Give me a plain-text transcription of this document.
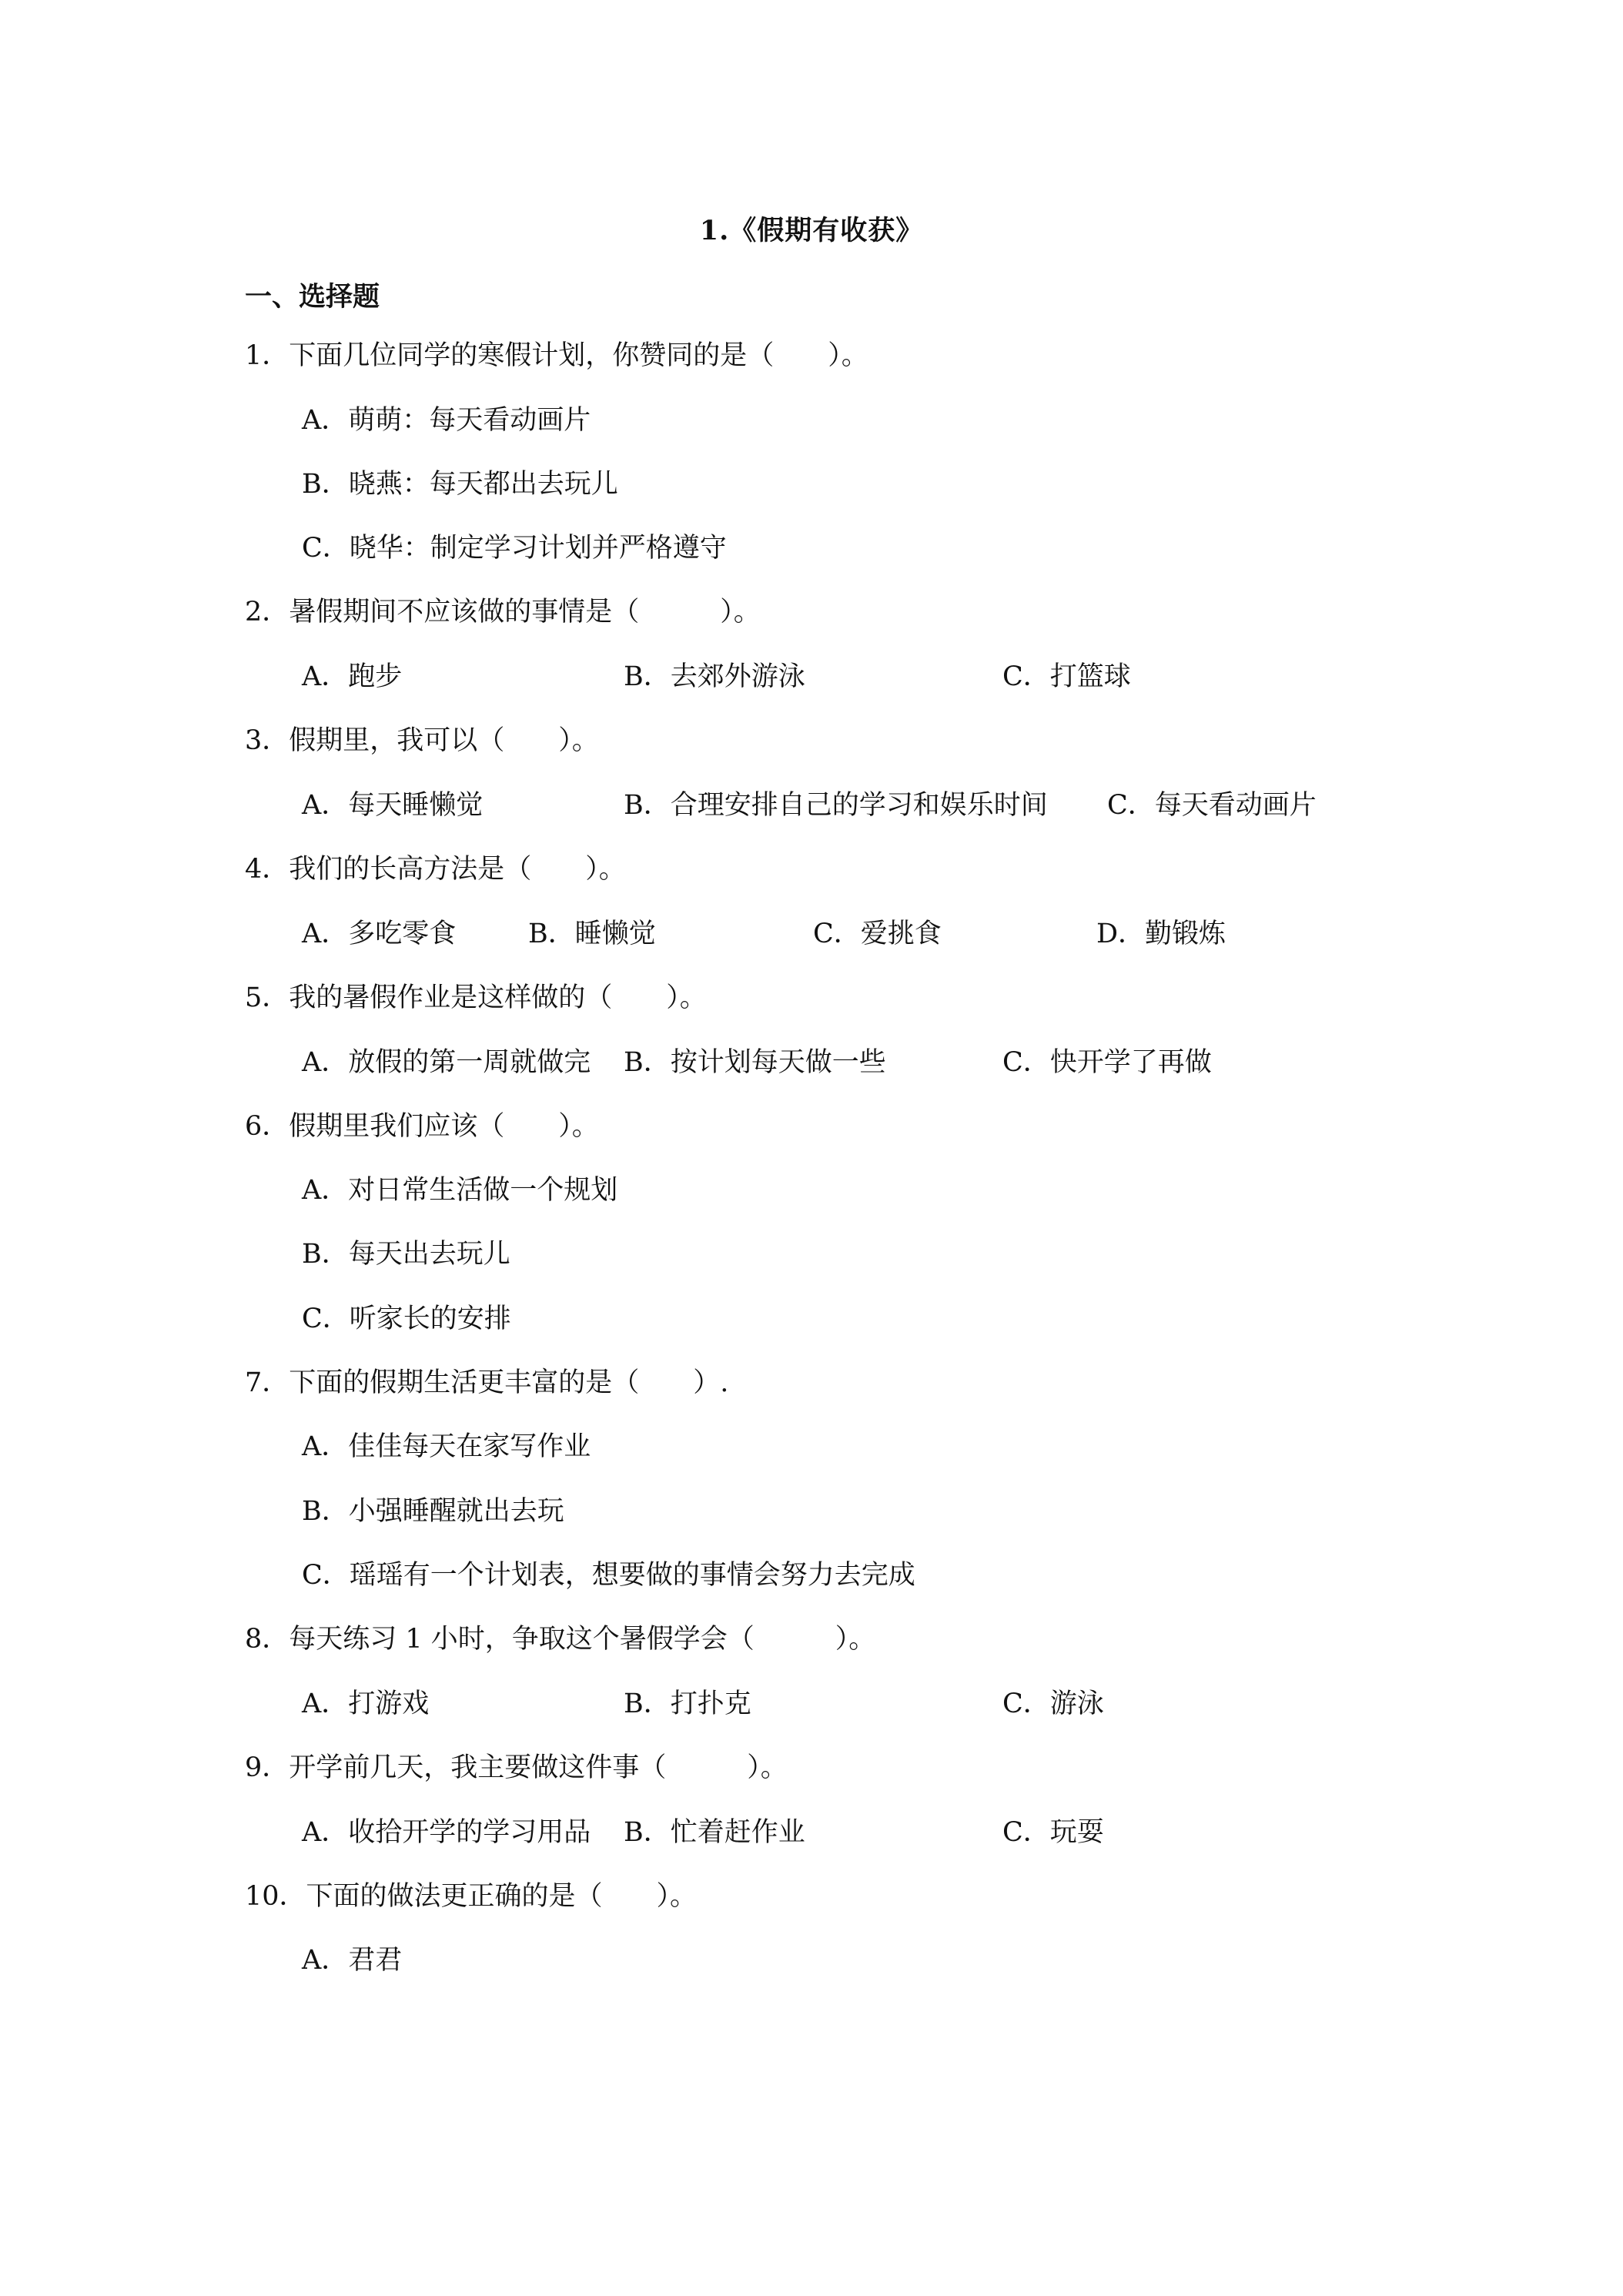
1.《假期有收获》
一、选择题
1．下面几位同学的寒假计划，你赞同的是（　　）。
A．萌萌：每天看动画片
B．晓燕：每天都出去玩儿
C．晓华：制定学习计划并严格遵守
2．暑假期间不应该做的事情是（　　　）。
A．跑步	B．去郊外游泳	C．打篮球
3．假期里，我可以（　　）。
A．每天睡懒觉	B．合理安排自己的学习和娱乐时间 C．每天看动画片
4．我们的长高方法是（　　）。
A．多吃零食	B．睡懒觉	C．爱挑食	D．勤锻炼
5．我的暑假作业是这样做的（　　）。
A．放假的第一周就做完 B．按计划每天做一些	C．快开学了再做
6．假期里我们应该（　　）。
A．对日常生活做一个规划
B．每天出去玩儿
C．听家长的安排
7．下面的假期生活更丰富的是（　　）.
A．佳佳每天在家写作业
B．小强睡醒就出去玩
C．瑶瑶有一个计划表，想要做的事情会努力去完成
8．每天练习 1 小时，争取这个暑假学会（　　　）。
A．打游戏	B．打扑克	C．游泳
9．开学前几天，我主要做这件事（　　　）。
A．收拾开学的学习用品 B．忙着赶作业	C．玩耍
10．下面的做法更正确的是（　　）。
A．君君
